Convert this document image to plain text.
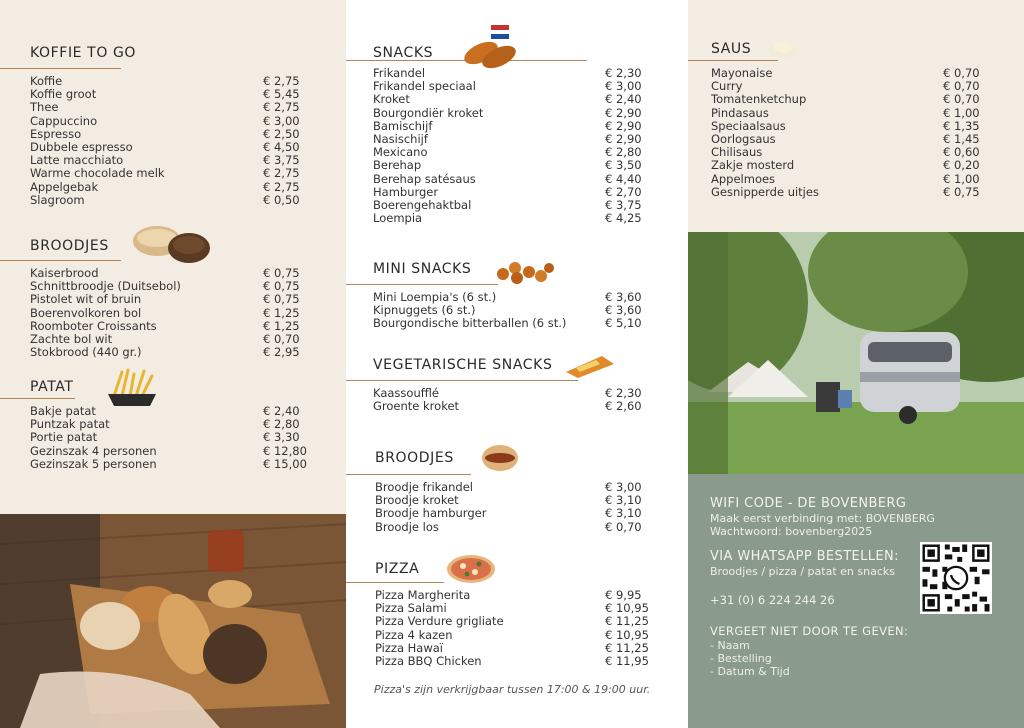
KOFFIE TO GO
Koffie	€ 2,75
Koffie groot	€ 5,45
Thee	€ 2,75
Cappuccino	€ 3,00
Espresso	€ 2,50
Dubbele espresso	€ 4,50
Latte macchiato	€ 3,75
Warme chocolade melk	€ 2,75
Appelgebak	€ 2,75
Slagroom	€ 0,50
BROODJES
Kaiserbrood	€ 0,75
Schnittbroodje (Duitsebol)	€ 0,75
Pistolet wit of bruin	€ 0,75
Boerenvolkoren bol	€ 1,25
Roomboter Croissants	€ 1,25
Zachte bol wit	€ 0,70
Stokbrood (440 gr.)	€ 2,95
PATAT
Bakje patat	€ 2,40
Puntzak patat	€ 2,80
Portie patat	€ 3,30
Gezinszak 4 personen	€ 12,80
Gezinszak 5 personen	€ 15,00
SNACKS
Frikandel	€ 2,30
Frikandel speciaal	€ 3,00
Kroket	€ 2,40
Bourgondiër kroket	€ 2,90
Bamischijf	€ 2,90
Nasischijf	€ 2,90
Mexicano	€ 2,80
Berehap	€ 3,50
Berehap satésaus	€ 4,40
Hamburger	€ 2,70
Boerengehaktbal	€ 3,75
Loempia	€ 4,25
MINI SNACKS
Mini Loempia's (6 st.)	€ 3,60
Kipnuggets (6 st.)	€ 3,60
Bourgondische bitterballen (6 st.)	€ 5,10
VEGETARISCHE SNACKS
Kaassoufflé	€ 2,30
Groente kroket	€ 2,60
BROODJES
Broodje frikandel	€ 3,00
Broodje kroket	€ 3,10
Broodje hamburger	€ 3,10
Broodje los	€ 0,70
PIZZA
Pizza Margherita	€ 9,95
Pizza Salami	€ 10,95
Pizza Verdure grigliate	€ 11,25
Pizza 4 kazen	€ 10,95
Pizza Hawaï	€ 11,25
Pizza BBQ Chicken	€ 11,95
Pizza's zijn verkrijgbaar tussen 17:00 & 19:00 uur.
SAUS
Mayonaise	€ 0,70
Curry	€ 0,70
Tomatenketchup	€ 0,70
Pindasaus	€ 1,00
Speciaalsaus	€ 1,35
Oorlogsaus	€ 1,45
Chilisaus	€ 0,60
Zakje mosterd	€ 0,20
Appelmoes	€ 1,00
Gesnipperde uitjes	€ 0,75
WIFI CODE - DE BOVENBERG
Maak eerst verbinding met: BOVENBERG
Wachtwoord: bovenberg2025
VIA WHATSAPP BESTELLEN:
Broodjes / pizza / patat en snacks
+31 (0) 6 224 244 26
VERGEET NIET DOOR TE GEVEN:
- Naam
- Bestelling
- Datum & Tijd
